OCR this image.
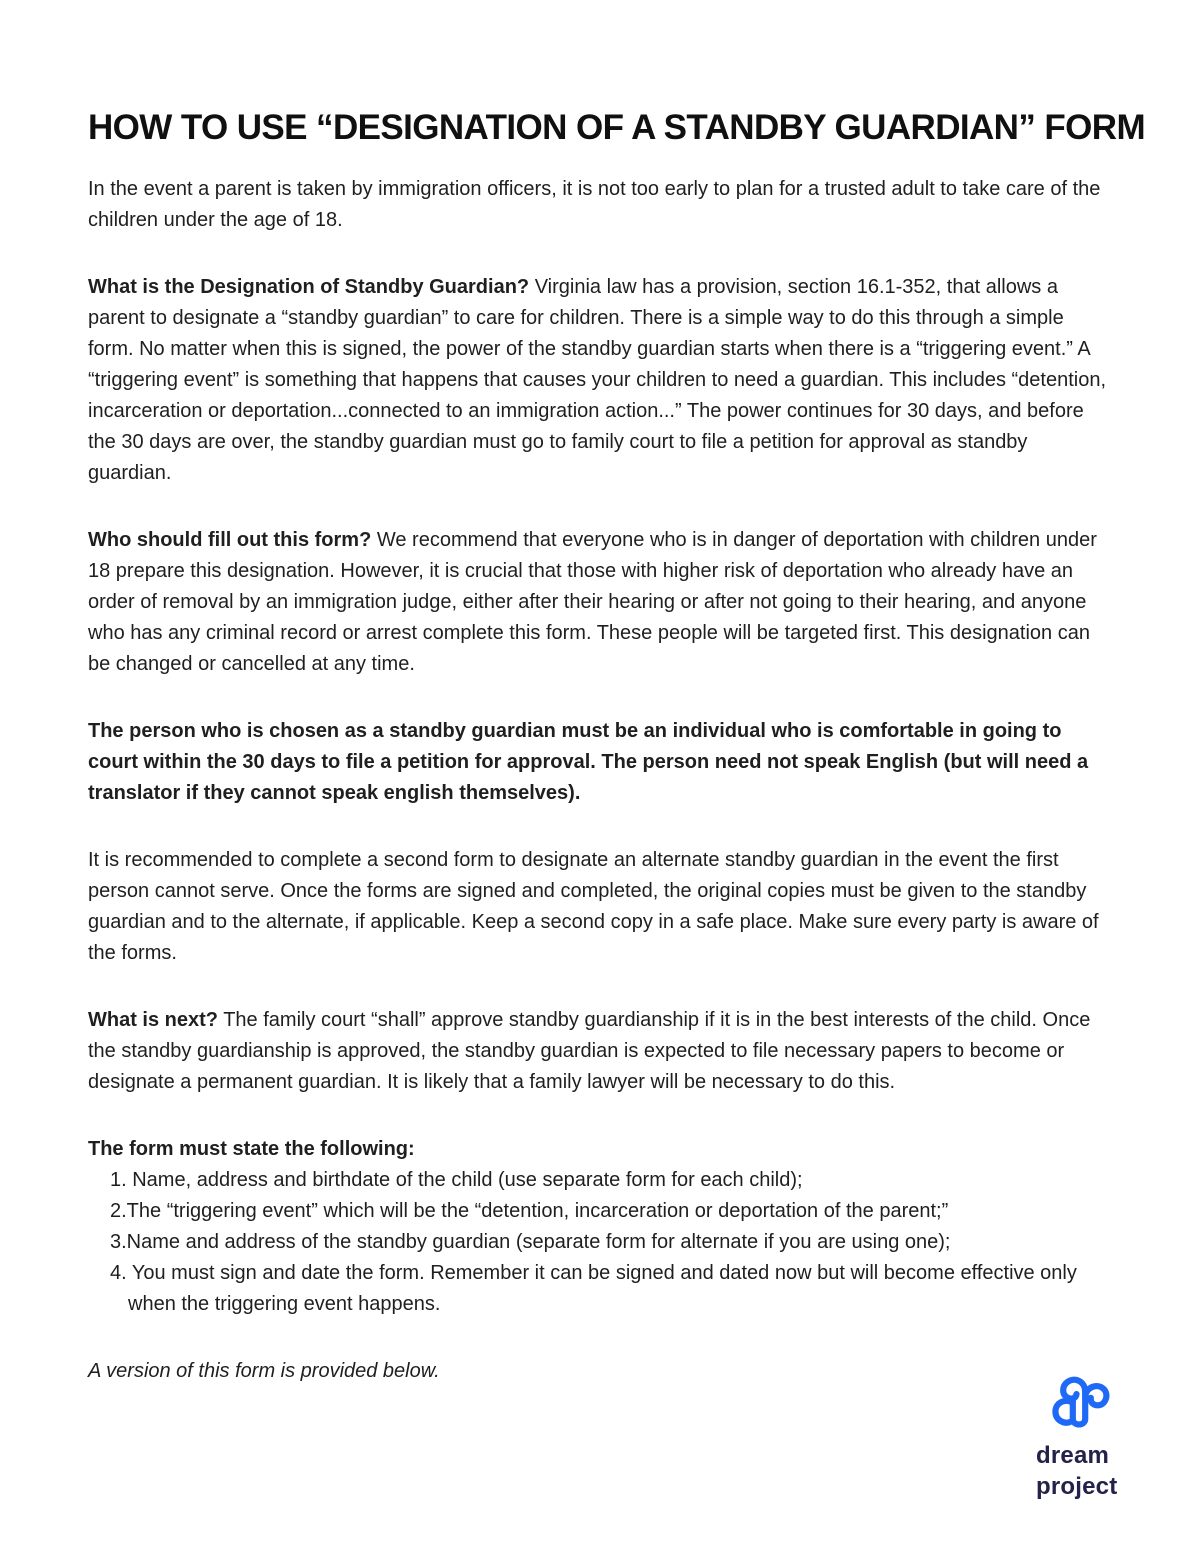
HOW TO USE “DESIGNATION OF A STANDBY GUARDIAN” FORM

In the event a parent is taken by immigration officers, it is not too early to plan for a trusted adult to take care of the children under the age of 18.

What is the Designation of Standby Guardian? Virginia law has a provision, section 16.1-352, that allows a parent to designate a “standby guardian” to care for children. There is a simple way to do this through a simple form. No matter when this is signed, the power of the standby guardian starts when there is a “triggering event.” A “triggering event” is something that happens that causes your children to need a guardian. This includes “detention, incarceration or deportation...connected to an immigration action...” The power continues for 30 days, and before the 30 days are over, the standby guardian must go to family court to file a petition for approval as standby guardian.

Who should fill out this form? We recommend that everyone who is in danger of deportation with children under 18 prepare this designation. However, it is crucial that those with higher risk of deportation who already have an order of removal by an immigration judge, either after their hearing or after not going to their hearing, and anyone who has any criminal record or arrest complete this form. These people will be targeted first. This designation can be changed or cancelled at any time.

The person who is chosen as a standby guardian must be an individual who is comfortable in going to court within the 30 days to file a petition for approval. The person need not speak English (but will need a translator if they cannot speak english themselves).

It is recommended to complete a second form to designate an alternate standby guardian in the event the first person cannot serve. Once the forms are signed and completed, the original copies must be given to the standby guardian and to the alternate, if applicable. Keep a second copy in a safe place. Make sure every party is aware of the forms.

What is next? The family court “shall” approve standby guardianship if it is in the best interests of the child. Once the standby guardianship is approved, the standby guardian is expected to file necessary papers to become or designate a permanent guardian. It is likely that a family lawyer will be necessary to do this.

The form must state the following:

1. Name, address and birthdate of the child (use separate form for each child);
2.The “triggering event” which will be the “detention, incarceration or deportation of the parent;”
3.Name and address of the standby guardian (separate form for alternate if you are using one);
4. You must sign and date the form. Remember it can be signed and dated now but will become effective only when the triggering event happens.

A version of this form is provided below.

dream
project
